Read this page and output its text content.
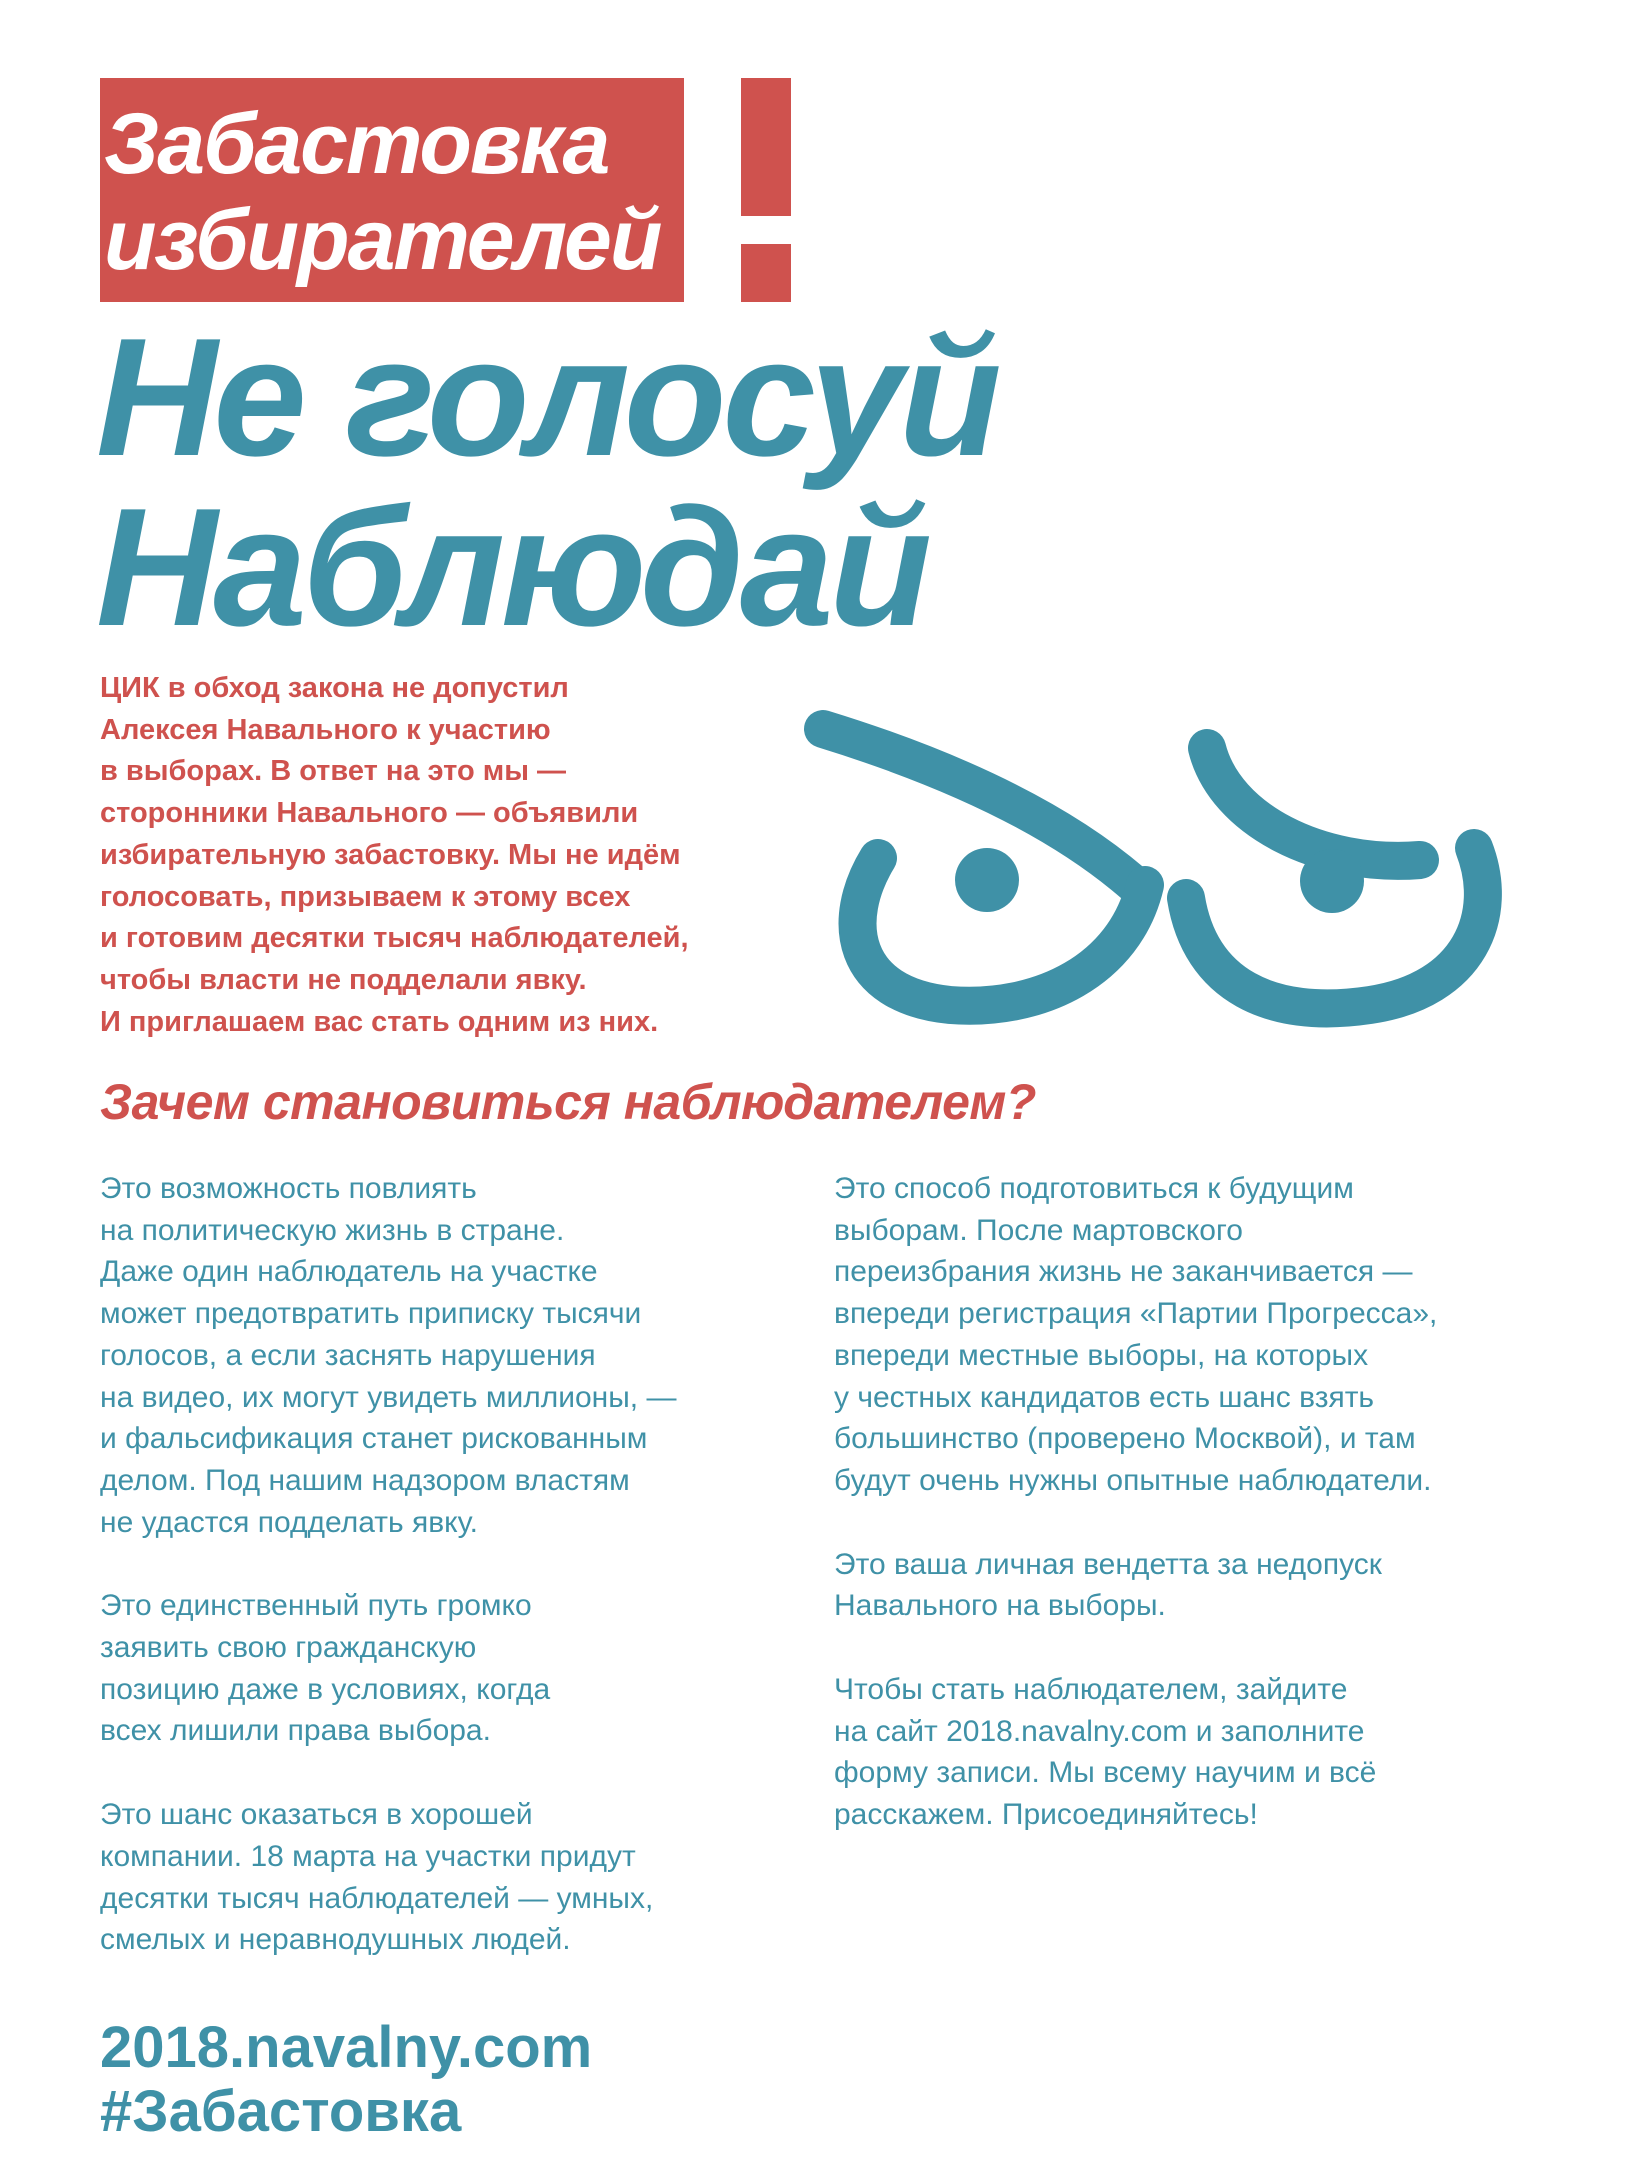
Забастовка
избирателей
Не голосуй
Наблюдай

ЦИК в обход закона не допустил
Алексея Навального к участию
в выборах. В ответ на это мы —
сторонники Навального — объявили
избирательную забастовку. Мы не идём
голосовать, призываем к этому всех
и готовим десятки тысяч наблюдателей,
чтобы власти не подделали явку.
И приглашаем вас стать одним из них.

Зачем становиться наблюдателем?

Это возможность повлиять
на политическую жизнь в стране.
Даже один наблюдатель на участке
может предотвратить приписку тысячи
голосов, а если заснять нарушения
на видео, их могут увидеть миллионы, —
и фальсификация станет рискованным
делом. Под нашим надзором властям
не удастся подделать явку.

Это единственный путь громко
заявить свою гражданскую
позицию даже в условиях, когда
всех лишили права выбора.

Это шанс оказаться в хорошей
компании. 18 марта на участки придут
десятки тысяч наблюдателей — умных,
смелых и неравнодушных людей.

Это способ подготовиться к будущим
выборам. После мартовского
переизбрания жизнь не заканчивается —
впереди регистрация «Партии Прогресса»,
впереди местные выборы, на которых
у честных кандидатов есть шанс взять
большинство (проверено Москвой), и там
будут очень нужны опытные наблюдатели.

Это ваша личная вендетта за недопуск
Навального на выборы.

Чтобы стать наблюдателем, зайдите
на сайт 2018.navalny.com и заполните
форму записи. Мы всему научим и всё
расскажем. Присоединяйтесь!

2018.navalny.com

#Забастовка
